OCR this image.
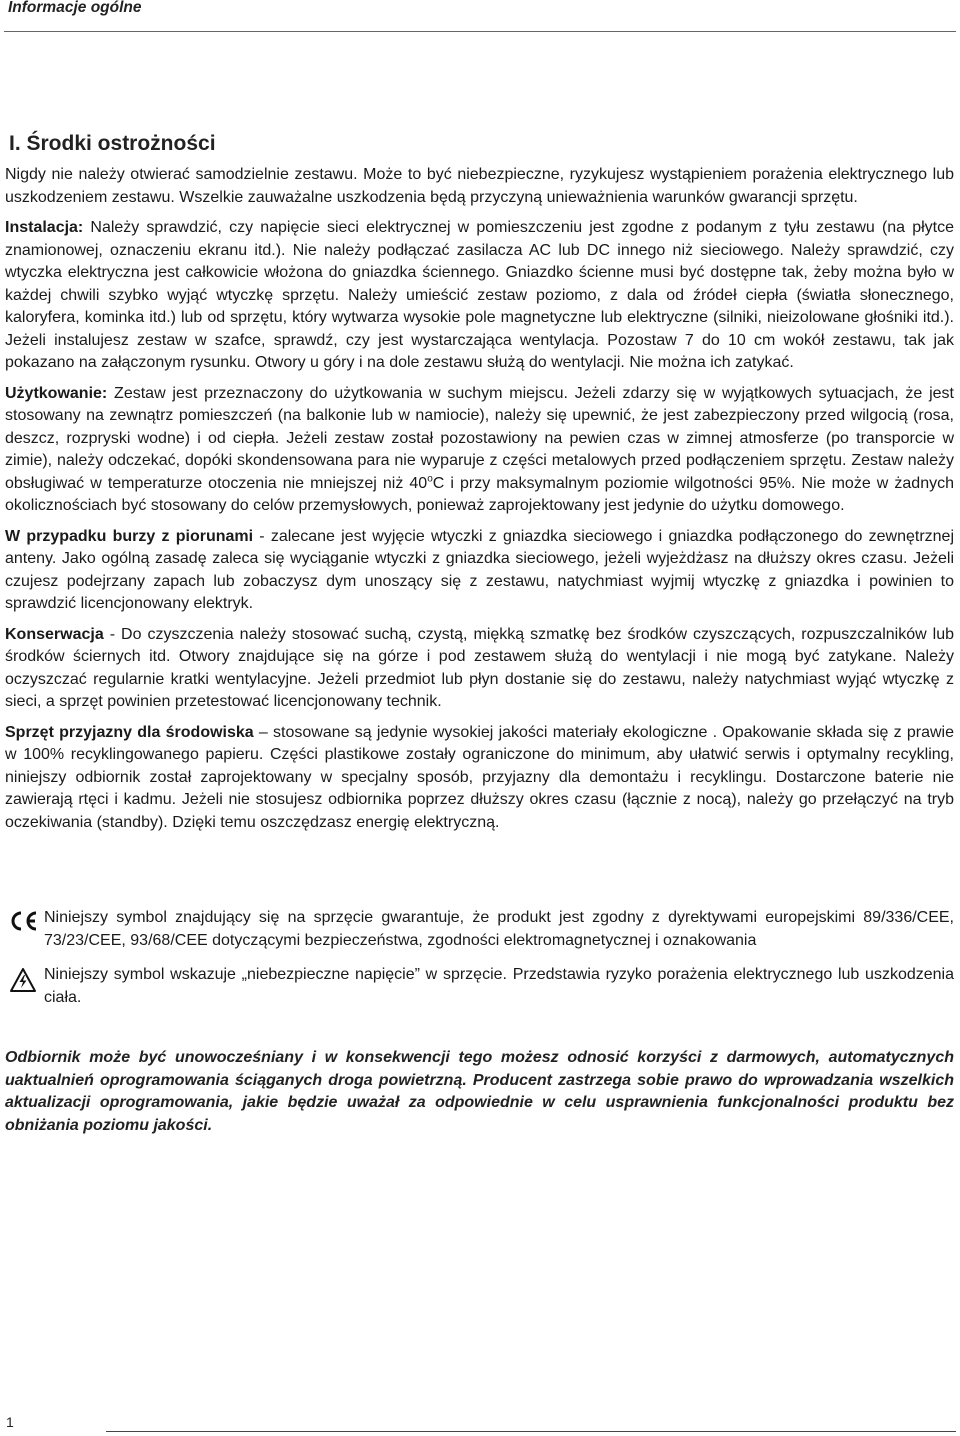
Informacje ogólne
I. Środki ostrożności

Nigdy nie należy otwierać samodzielnie zestawu. Może to być niebezpieczne, ryzykujesz wystąpieniem porażenia elektrycznego lub uszkodzeniem zestawu. Wszelkie zauważalne uszkodzenia będą przyczyną unieważnienia warunków gwarancji sprzętu.

Instalacja: Należy sprawdzić, czy napięcie sieci elektrycznej w pomieszczeniu jest zgodne z podanym z tyłu zestawu (na płytce znamionowej, oznaczeniu ekranu itd.). Nie należy podłączać zasilacza AC lub DC innego niż sieciowego. Należy sprawdzić, czy wtyczka elektryczna jest całkowicie włożona do gniazdka ściennego. Gniazdko ścienne musi być dostępne tak, żeby można było w każdej chwili szybko wyjąć wtyczkę sprzętu. Należy umieścić zestaw poziomo, z dala od źródeł ciepła (światła słonecznego, kaloryfera, kominka itd.) lub od sprzętu, który wytwarza wysokie pole magnetyczne lub elektryczne (silniki, nieizolowane głośniki itd.). Jeżeli instalujesz zestaw w szafce, sprawdź, czy jest wystarczająca wentylacja. Pozostaw 7 do 10 cm wokół zestawu, tak jak pokazano na załączonym rysunku. Otwory u góry i na dole zestawu służą do wentylacji. Nie można ich zatykać.

Użytkowanie: Zestaw jest przeznaczony do użytkowania w suchym miejscu. Jeżeli zdarzy się w wyjątkowych sytuacjach, że jest stosowany na zewnątrz pomieszczeń (na balkonie lub w namiocie), należy się upewnić, że jest zabezpieczony przed wilgocią (rosa, deszcz, rozpryski wodne) i od ciepła. Jeżeli zestaw został pozostawiony na pewien czas w zimnej atmosferze (po transporcie w zimie), należy odczekać, dopóki skondensowana para nie wyparuje z części metalowych przed podłączeniem sprzętu. Zestaw należy obsługiwać w temperaturze otoczenia nie mniejszej niż 40$^o$C i przy maksymalnym poziomie wilgotności 95%. Nie może w żadnych okolicznościach być stosowany do celów przemysłowych, ponieważ zaprojektowany jest jedynie do użytku domowego.

W przypadku burzy z piorunami - zalecane jest wyjęcie wtyczki z gniazdka sieciowego i gniazdka podłączonego do zewnętrznej anteny. Jako ogólną zasadę zaleca się wyciąganie wtyczki z gniazdka sieciowego, jeżeli wyjeżdżasz na dłuższy okres czasu. Jeżeli czujesz podejrzany zapach lub zobaczysz dym unoszący się z zestawu, natychmiast wyjmij wtyczkę z gniazdka i powinien to sprawdzić licencjonowany elektryk.

Konserwacja - Do czyszczenia należy stosować suchą, czystą, miękką szmatkę bez środków czyszczących, rozpuszczalników lub środków ściernych itd. Otwory znajdujące się na górze i pod zestawem służą do wentylacji i nie mogą być zatykane. Należy oczyszczać regularnie kratki wentylacyjne. Jeżeli przedmiot lub płyn dostanie się do zestawu, należy natychmiast wyjąć wtyczkę z sieci, a sprzęt powinien przetestować licencjonowany technik.

Sprzęt przyjazny dla środowiska – stosowane są jedynie wysokiej jakości materiały ekologiczne . Opakowanie składa się z prawie w 100% recyklingowanego papieru. Części plastikowe zostały ograniczone do minimum, aby ułatwić serwis i optymalny recykling, niniejszy odbiornik został zaprojektowany w specjalny sposób, przyjazny dla demontażu i recyklingu. Dostarczone baterie nie zawierają rtęci i kadmu. Jeżeli nie stosujesz odbiornika poprzez dłuższy okres czasu (łącznie z nocą), należy go przełączyć na tryb oczekiwania (standby). Dzięki temu oszczędzasz energię elektryczną.

Niniejszy symbol znajdujący się na sprzęcie gwarantuje, że produkt jest zgodny z dyrektywami europejskimi 89/336/CEE, 73/23/CEE, 93/68/CEE dotyczącymi bezpieczeństwa, zgodności elektromagnetycznej i oznakowania
Niniejszy symbol wskazuje „niebezpieczne napięcie” w sprzęcie. Przedstawia ryzyko porażenia elektrycznego lub uszkodzenia ciała.
Odbiornik może być unowocześniany i w konsekwencji tego możesz odnosić korzyści z darmowych, automatycznych uaktualnień oprogramowania ściąganych droga powietrzną. Producent zastrzega sobie prawo do wprowadzania wszelkich aktualizacji oprogramowania, jakie będzie uważał za odpowiednie w celu usprawnienia funkcjonalności produktu bez obniżania poziomu jakości.
1
